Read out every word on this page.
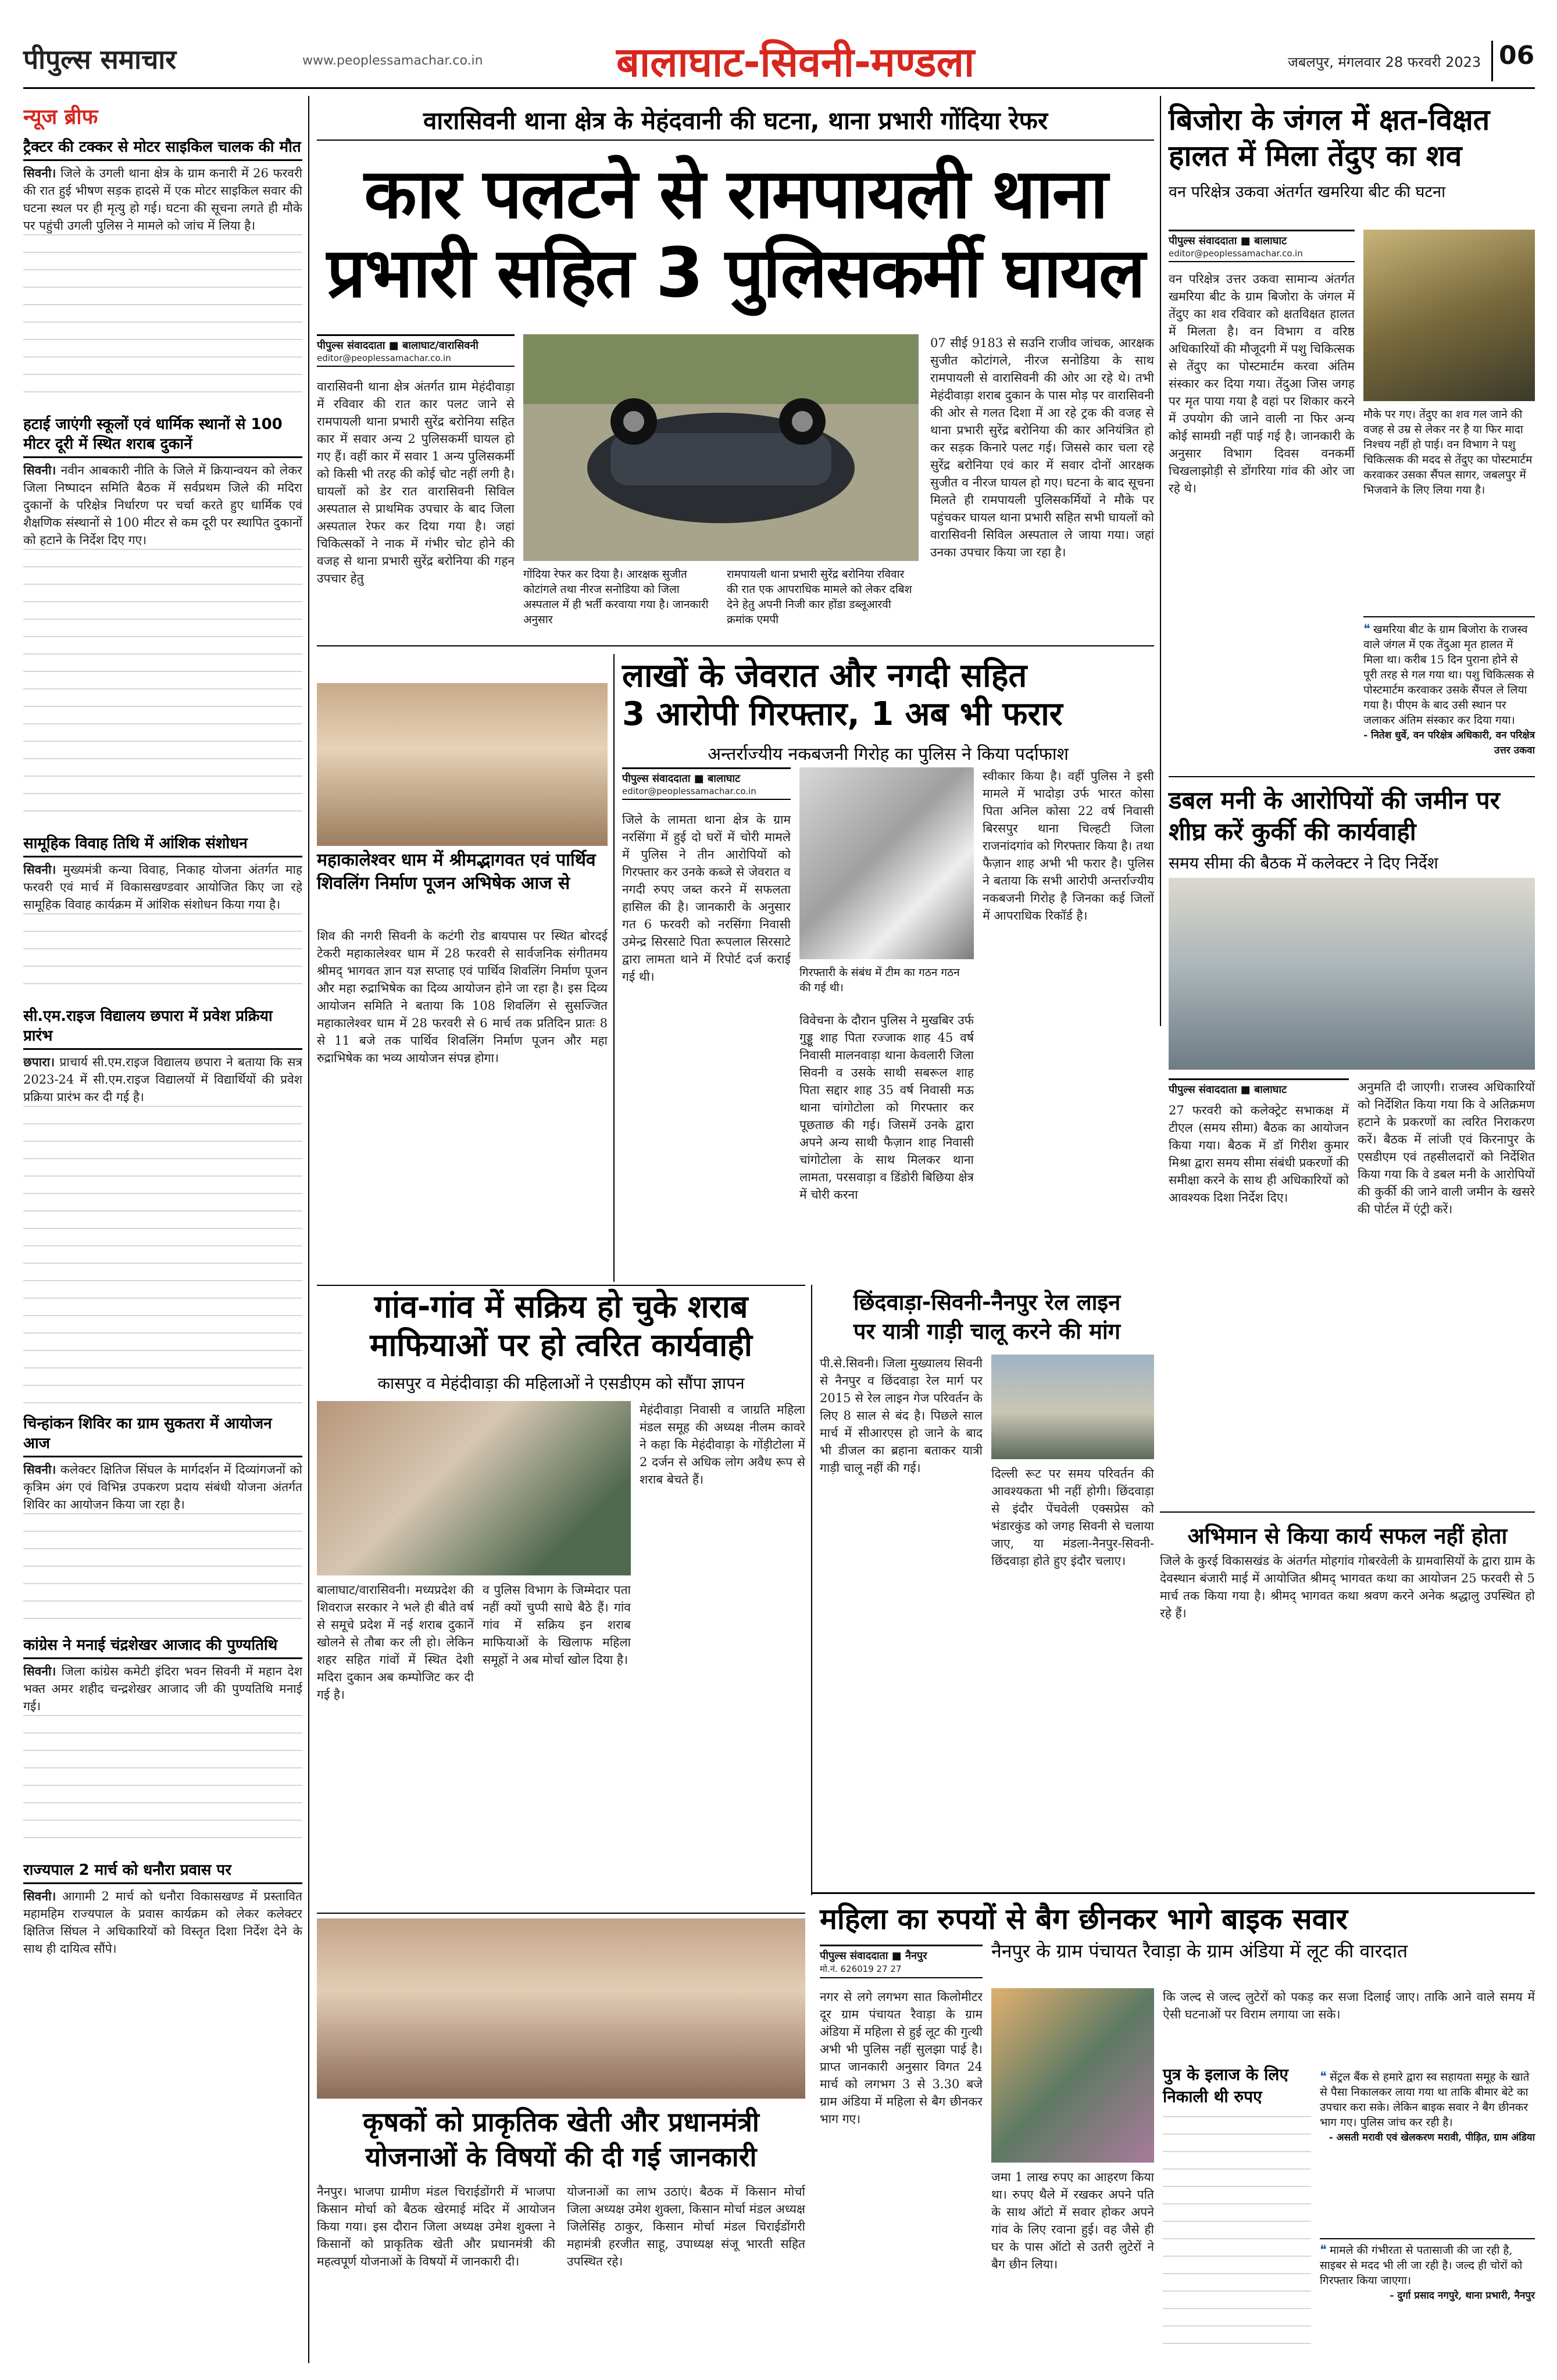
पीपुल्स समाचार	www.peoplessamachar.co.in	बालाघाट-सिवनी-मण्डला	जबलपुर, मंगलवार 28 फरवरी 2023 06
न्यूज ब्रीफ
ट्रैक्टर की टक्कर से मोटर साइकिल चालक की मौत
सिवनी। जिले के उगली थाना क्षेत्र के ग्राम कनारी में 26 फरवरी की रात हुई भीषण सड़क हादसे में एक मोटर साइकिल सवार की घटना स्थल पर ही मृत्यु हो गई। घटना की सूचना लगते ही मौके पर पहुंची उगली पुलिस ने मामले को जांच में लिया है।
हटाई जाएंगी स्कूलों एवं धार्मिक स्थानों से 100 मीटर दूरी में स्थित शराब दुकानें
सिवनी। नवीन आबकारी नीति के जिले में क्रियान्वयन को लेकर जिला निष्पादन समिति बैठक में सर्वप्रथम जिले की मदिरा दुकानों के परिक्षेत्र निर्धारण पर चर्चा करते हुए धार्मिक एवं शैक्षणिक संस्थानों से 100 मीटर से कम दूरी पर स्थापित दुकानों को हटाने के निर्देश दिए गए।
सामूहिक विवाह तिथि में आंशिक संशोधन
सिवनी। मुख्यमंत्री कन्या विवाह, निकाह योजना अंतर्गत माह फरवरी एवं मार्च में विकासखण्डवार आयोजित किए जा रहे सामूहिक विवाह कार्यक्रम में आंशिक संशोधन किया गया है।
सी.एम.राइज विद्यालय छपारा में प्रवेश प्रक्रिया प्रारंभ
छपारा। प्राचार्य सी.एम.राइज विद्यालय छपारा ने बताया कि सत्र 2023-24 में सी.एम.राइज विद्यालयों में विद्यार्थियों की प्रवेश प्रक्रिया प्रारंभ कर दी गई है।
चिन्हांकन शिविर का ग्राम सुकतरा में आयोजन आज
सिवनी। कलेक्टर क्षितिज सिंघल के मार्गदर्शन में दिव्यांगजनों को कृत्रिम अंग एवं विभिन्न उपकरण प्रदाय संबंधी योजना अंतर्गत शिविर का आयोजन किया जा रहा है।
कांग्रेस ने मनाई चंद्रशेखर आजाद की पुण्यतिथि
सिवनी। जिला कांग्रेस कमेटी इंदिरा भवन सिवनी में महान देश भक्त अमर शहीद चन्द्रशेखर आजाद जी की पुण्यतिथि मनाई गई।
राज्यपाल 2 मार्च को धनौरा प्रवास पर
सिवनी। आगामी 2 मार्च को धनौरा विकासखण्ड में प्रस्तावित महामहिम राज्यपाल के प्रवास कार्यक्रम को लेकर कलेक्टर क्षितिज सिंघल ने अधिकारियों को विस्तृत दिशा निर्देश देने के साथ ही दायित्व सौंपे।
वारासिवनी थाना क्षेत्र के मेहंदवानी की घटना, थाना प्रभारी गोंदिया रेफर
कार पलटने से रामपायली थाना
प्रभारी सहित 3 पुलिसकर्मी घायल
पीपुल्स संवाददाता ■ बालाघाट/वारासिवनी
editor@peoplessamachar.co.in
वारासिवनी थाना क्षेत्र अंतर्गत ग्राम मेहंदीवाड़ा में रविवार की रात कार पलट जाने से रामपायली थाना प्रभारी सुरेंद्र बरोनिया सहित कार में सवार अन्य 2 पुलिसकर्मी घायल हो गए हैं। वहीं कार में सवार 1 अन्य पुलिसकर्मी को किसी भी तरह की कोई चोट नहीं लगी है। घायलों को डेर रात वारासिवनी सिविल अस्पताल से प्राथमिक उपचार के बाद जिला अस्पताल रेफर कर दिया गया है। जहां चिकित्सकों ने नाक में गंभीर चोट होने की वजह से थाना प्रभारी सुरेंद्र बरोनिया की गहन उपचार हेतु	गोंदिया रेफर कर दिया है। आरक्षक सुजीत कोटांगले तथा नीरज सनोडिया को जिला अस्पताल में ही भर्ती करवाया गया है। जानकारी अनुसार
रामपायली थाना प्रभारी सुरेंद्र बरोनिया रविवार की रात एक आपराधिक मामले को लेकर दबिश देने हेतु अपनी निजी कार होंडा डब्लूआरवी क्रमांक एमपी
07 सीई 9183 से सउनि राजीव जांचक, आरक्षक सुजीत कोटांगले, नीरज सनोडिया के साथ रामपायली से वारासिवनी की ओर आ रहे थे। तभी मेहंदीवाड़ा शराब दुकान के पास मोड़ पर वारासिवनी की ओर से गलत दिशा में आ रहे ट्रक की वजह से थाना प्रभारी सुरेंद्र बरोनिया की कार अनियंत्रित हो कर सड़क किनारे पलट गई। जिससे कार चला रहे सुरेंद्र बरोनिया एवं कार में सवार दोनों आरक्षक सुजीत व नीरज घायल हो गए। घटना के बाद सूचना मिलते ही रामपायली पुलिसकर्मियों ने मौके पर पहुंचकर घायल थाना प्रभारी सहित सभी घायलों को वारासिवनी सिविल अस्पताल ले जाया गया। जहां उनका उपचार किया जा रहा है।
बिजोरा के जंगल में क्षत-विक्षत हालत में मिला तेंदुए का शव
वन परिक्षेत्र उकवा अंतर्गत खमरिया बीट की घटना
पीपुल्स संवाददाता ■ बालाघाट
editor@peoplessamachar.co.in
वन परिक्षेत्र उत्तर उकवा सामान्य अंतर्गत खमरिया बीट के ग्राम बिजोरा के जंगल में तेंदुए का शव रविवार को क्षतविक्षत हालत में मिलता है। वन विभाग व वरिष्ठ अधिकारियों की मौजूदगी में पशु चिकित्सक से तेंदुए का पोस्टमार्टम करवा अंतिम संस्कार कर दिया गया। तेंदुआ जिस जगह पर मृत पाया गया है वहां पर शिकार करने में उपयोग की जाने वाली ना फिर अन्य कोई सामग्री नहीं पाई गई है। जानकारी के अनुसार विभाग दिवस वनकर्मी चिखलाझोड़ी से डोंगरिया गांव की ओर जा रहे थे।
मौके पर गए। तेंदुए का शव गल जाने की वजह से उम्र से लेकर नर है या फिर मादा निश्चय नहीं हो पाई। वन विभाग ने पशु चिकित्सक की मदद से तेंदुए का पोस्टमार्टम करवाकर उसका सैंपल सागर, जबलपुर में भिजवाने के लिए लिया गया है।
❝ खमरिया बीट के ग्राम बिजोरा के राजस्व वाले जंगल में एक तेंदुआ मृत हालत में मिला था। करीब 15 दिन पुराना होने से पूरी तरह से गल गया था। पशु चिकित्सक से पोस्टमार्टम करवाकर उसके सैंपल ले लिया गया है। पीएम के बाद उसी स्थान पर जलाकर अंतिम संस्कार कर दिया गया।
- नितेश धुर्वे, वन परिक्षेत्र अधिकारी, वन परिक्षेत्र उत्तर उकवा
महाकालेश्वर धाम में श्रीमद्भागवत एवं पार्थिव शिवलिंग निर्माण पूजन अभिषेक आज से
शिव की नगरी सिवनी के कटंगी रोड बायपास पर स्थित बोरदई टेकरी महाकालेश्वर धाम में 28 फरवरी से सार्वजनिक संगीतमय श्रीमद् भागवत ज्ञान यज्ञ सप्ताह एवं पार्थिव शिवलिंग निर्माण पूजन और महा रुद्राभिषेक का दिव्य आयोजन होने जा रहा है। इस दिव्य आयोजन समिति ने बताया कि 108 शिवलिंग से सुसज्जित महाकालेश्वर धाम में 28 फरवरी से 6 मार्च तक प्रतिदिन प्रातः 8 से 11 बजे तक पार्थिव शिवलिंग निर्माण पूजन और महा रुद्राभिषेक का भव्य आयोजन संपन्न होगा।
लाखों के जेवरात और नगदी सहित
3 आरोपी गिरफ्तार, 1 अब भी फरार
अन्तर्राज्यीय नकबजनी गिरोह का पुलिस ने किया पर्दाफाश
पीपुल्स संवाददाता ■ बालाघाट
editor@peoplessamachar.co.in
जिले के लामता थाना क्षेत्र के ग्राम नरसिंगा में हुई दो घरों में चोरी मामले में पुलिस ने तीन आरोपियों को गिरफ्तार कर उनके कब्जे से जेवरात व नगदी रुपए जब्त करने में सफलता हासिल की है। जानकारी के अनुसार गत 6 फरवरी को नरसिंगा निवासी उमेन्द्र सिरसाटे पिता रूपलाल सिरसाटे द्वारा लामता थाने में रिपोर्ट दर्ज कराई गई थी।	गिरफ्तारी के संबंध में टीम का गठन गठन की गई थी।
विवेचना के दौरान पुलिस ने मुखबिर उर्फ गुड्डू शाह पिता रज्जाक शाह 45 वर्ष निवासी मालनवाड़ा थाना केवलारी जिला सिवनी व उसके साथी सबरूल शाह पिता सद्दार शाह 35 वर्ष निवासी मऊ थाना चांगोटोला को गिरफ्तार कर पूछताछ की गई। जिसमें उनके द्वारा अपने अन्य साथी फैज़ान शाह निवासी चांगोटोला के साथ मिलकर थाना लामता, परसवाड़ा व डिंडोरी बिछिया क्षेत्र में चोरी करना
स्वीकार किया है। वहीं पुलिस ने इसी मामले में भादोड़ा उर्फ भारत कोसा पिता अनिल कोसा 22 वर्ष निवासी बिरसपुर थाना चिल्हटी जिला राजनांदगांव को गिरफ्तार किया है। तथा फैज़ान शाह अभी भी फरार है। पुलिस ने बताया कि सभी आरोपी अन्तर्राज्यीय नकबजनी गिरोह है जिनका कई जिलों में आपराधिक रिकॉर्ड है।
डबल मनी के आरोपियों की जमीन पर शीघ्र करें कुर्की की कार्यवाही
समय सीमा की बैठक में कलेक्टर ने दिए निर्देश
पीपुल्स संवाददाता ■ बालाघाट
27 फरवरी को कलेक्ट्रेट सभाकक्ष में टीएल (समय सीमा) बैठक का आयोजन किया गया। बैठक में डॉ गिरीश कुमार मिश्रा द्वारा समय सीमा संबंधी प्रकरणों की समीक्षा करने के साथ ही अधिकारियों को आवश्यक दिशा निर्देश दिए।
अनुमति दी जाएगी। राजस्व अधिकारियों को निर्देशित किया गया कि वे अतिक्रमण हटाने के प्रकरणों का त्वरित निराकरण करें। बैठक में लांजी एवं किरनापुर के एसडीएम एवं तहसीलदारों को निर्देशित किया गया कि वे डबल मनी के आरोपियों की कुर्की की जाने वाली जमीन के खसरे की पोर्टल में एंट्री करें।
अभिमान से किया कार्य सफल नहीं होता
जिले के कुरई विकासखंड के अंतर्गत मोहगांव गोबरवेली के ग्रामवासियों के द्वारा ग्राम के देवस्थान बंजारी माई में आयोजित श्रीमद् भागवत कथा का आयोजन 25 फरवरी से 5 मार्च तक किया गया है। श्रीमद् भागवत कथा श्रवण करने अनेक श्रद्धालु उपस्थित हो रहे हैं।
गांव-गांव में सक्रिय हो चुके शराब
माफियाओं पर हो त्वरित कार्यवाही
कासपुर व मेहंदीवाड़ा की महिलाओं ने एसडीएम को सौंपा ज्ञापन
बालाघाट/वारासिवनी। मध्यप्रदेश की शिवराज सरकार ने भले ही बीते वर्ष से समूचे प्रदेश में नई शराब दुकानें खोलने से तौबा कर ली हो। लेकिन शहर सहित गांवों में स्थित देशी मदिरा दुकान अब कम्पोजिट कर दी गई है।
व पुलिस विभाग के जिम्मेदार पता नहीं क्यों चुप्पी साधे बैठे हैं। गांव गांव में सक्रिय इन शराब माफियाओं के खिलाफ महिला समूहों ने अब मोर्चा खोल दिया है।
मेहंदीवाड़ा निवासी व जाग्रति महिला मंडल समूह की अध्यक्ष नीलम कावरे ने कहा कि मेहंदीवाड़ा के गोंड़ीटोला में 2 दर्जन से अधिक लोग अवैध रूप से शराब बेचते हैं।
छिंदवाड़ा-सिवनी-नैनपुर रेल लाइन
पर यात्री गाड़ी चालू करने की मांग
पी.से.सिवनी। जिला मुख्यालय सिवनी से नैनपुर व छिंदवाड़ा रेल मार्ग पर 2015 से रेल लाइन गेज परिवर्तन के लिए 8 साल से बंद है। पिछले साल मार्च में सीआरएस हो जाने के बाद भी डीजल का ब्रहाना बताकर यात्री गाड़ी चालू नहीं की गई।	दिल्ली रूट पर समय परिवर्तन की आवश्यकता भी नहीं होगी। छिंदवाड़ा से इंदौर पेंचवेली एक्सप्रेस को भंडारकुंड को जगह सिवनी से चलाया जाए, या मंडला-नैनपुर-सिवनी-छिंदवाड़ा होते हुए इंदौर चलाए।
महिला का रुपयों से बैग छीनकर भागे बाइक सवार
पीपुल्स संवाददाता ■ नैनपुर
मो.नं. 626019 27 27
नैनपुर के ग्राम पंचायत रैवाड़ा के ग्राम अंडिया में लूट की वारदात
नगर से लगे लगभग सात किलोमीटर दूर ग्राम पंचायत रैवाड़ा के ग्राम अंडिया में महिला से हुई लूट की गुत्थी अभी भी पुलिस नहीं सुलझा पाई है। प्राप्त जानकारी अनुसार विगत 24 मार्च को लगभग 3 से 3.30 बजे ग्राम अंडिया में महिला से बैग छीनकर भाग गए।
जमा 1 लाख रुपए का आहरण किया था। रुपए थैले में रखकर अपने पति के साथ ऑटो में सवार होकर अपने गांव के लिए रवाना हुई। वह जैसे ही घर के पास ऑटो से उतरी लुटेरों ने बैग छीन लिया।
कि जल्द से जल्द लुटेरों को पकड़ कर सजा दिलाई जाए। ताकि आने वाले समय में ऐसी घटनाओं पर विराम लगाया जा सके।
❝ सेंट्रल बैंक से हमारे द्वारा स्व सहायता समूह के खाते से पैसा निकालकर लाया गया था ताकि बीमार बेटे का उपचार करा सके। लेकिन बाइक सवार ने बैग छीनकर भाग गए। पुलिस जांच कर रही है।
- असती मरावी एवं खेलकरण मरावी, पीड़ित, ग्राम अंडिया
पुत्र के इलाज के लिए निकाली थी रुपए
❝ मामले की गंभीरता से पतासाजी की जा रही है, साइबर से मदद भी ली जा रही है। जल्द ही चोरों को गिरफ्तार किया जाएगा।
- दुर्गा प्रसाद नगपुरे, थाना प्रभारी, नैनपुर
कृषकों को प्राकृतिक खेती और प्रधानमंत्री
योजनाओं के विषयों की दी गई जानकारी
नैनपुर। भाजपा ग्रामीण मंडल चिराईडोंगरी में भाजपा किसान मोर्चा को बैठक खेरमाई मंदिर में आयोजन किया गया। इस दौरान जिला अध्यक्ष उमेश शुक्ला ने किसानों को प्राकृतिक खेती और प्रधानमंत्री की महत्वपूर्ण योजनाओं के विषयों में जानकारी दी।
योजनाओं का लाभ उठाएं। बैठक में किसान मोर्चा जिला अध्यक्ष उमेश शुक्ला, किसान मोर्चा मंडल अध्यक्ष जिलेसिंह ठाकुर, किसान मोर्चा मंडल चिराईडोंगरी महामंत्री हरजीत साहू, उपाध्यक्ष संजू भारती सहित उपस्थित रहे।
